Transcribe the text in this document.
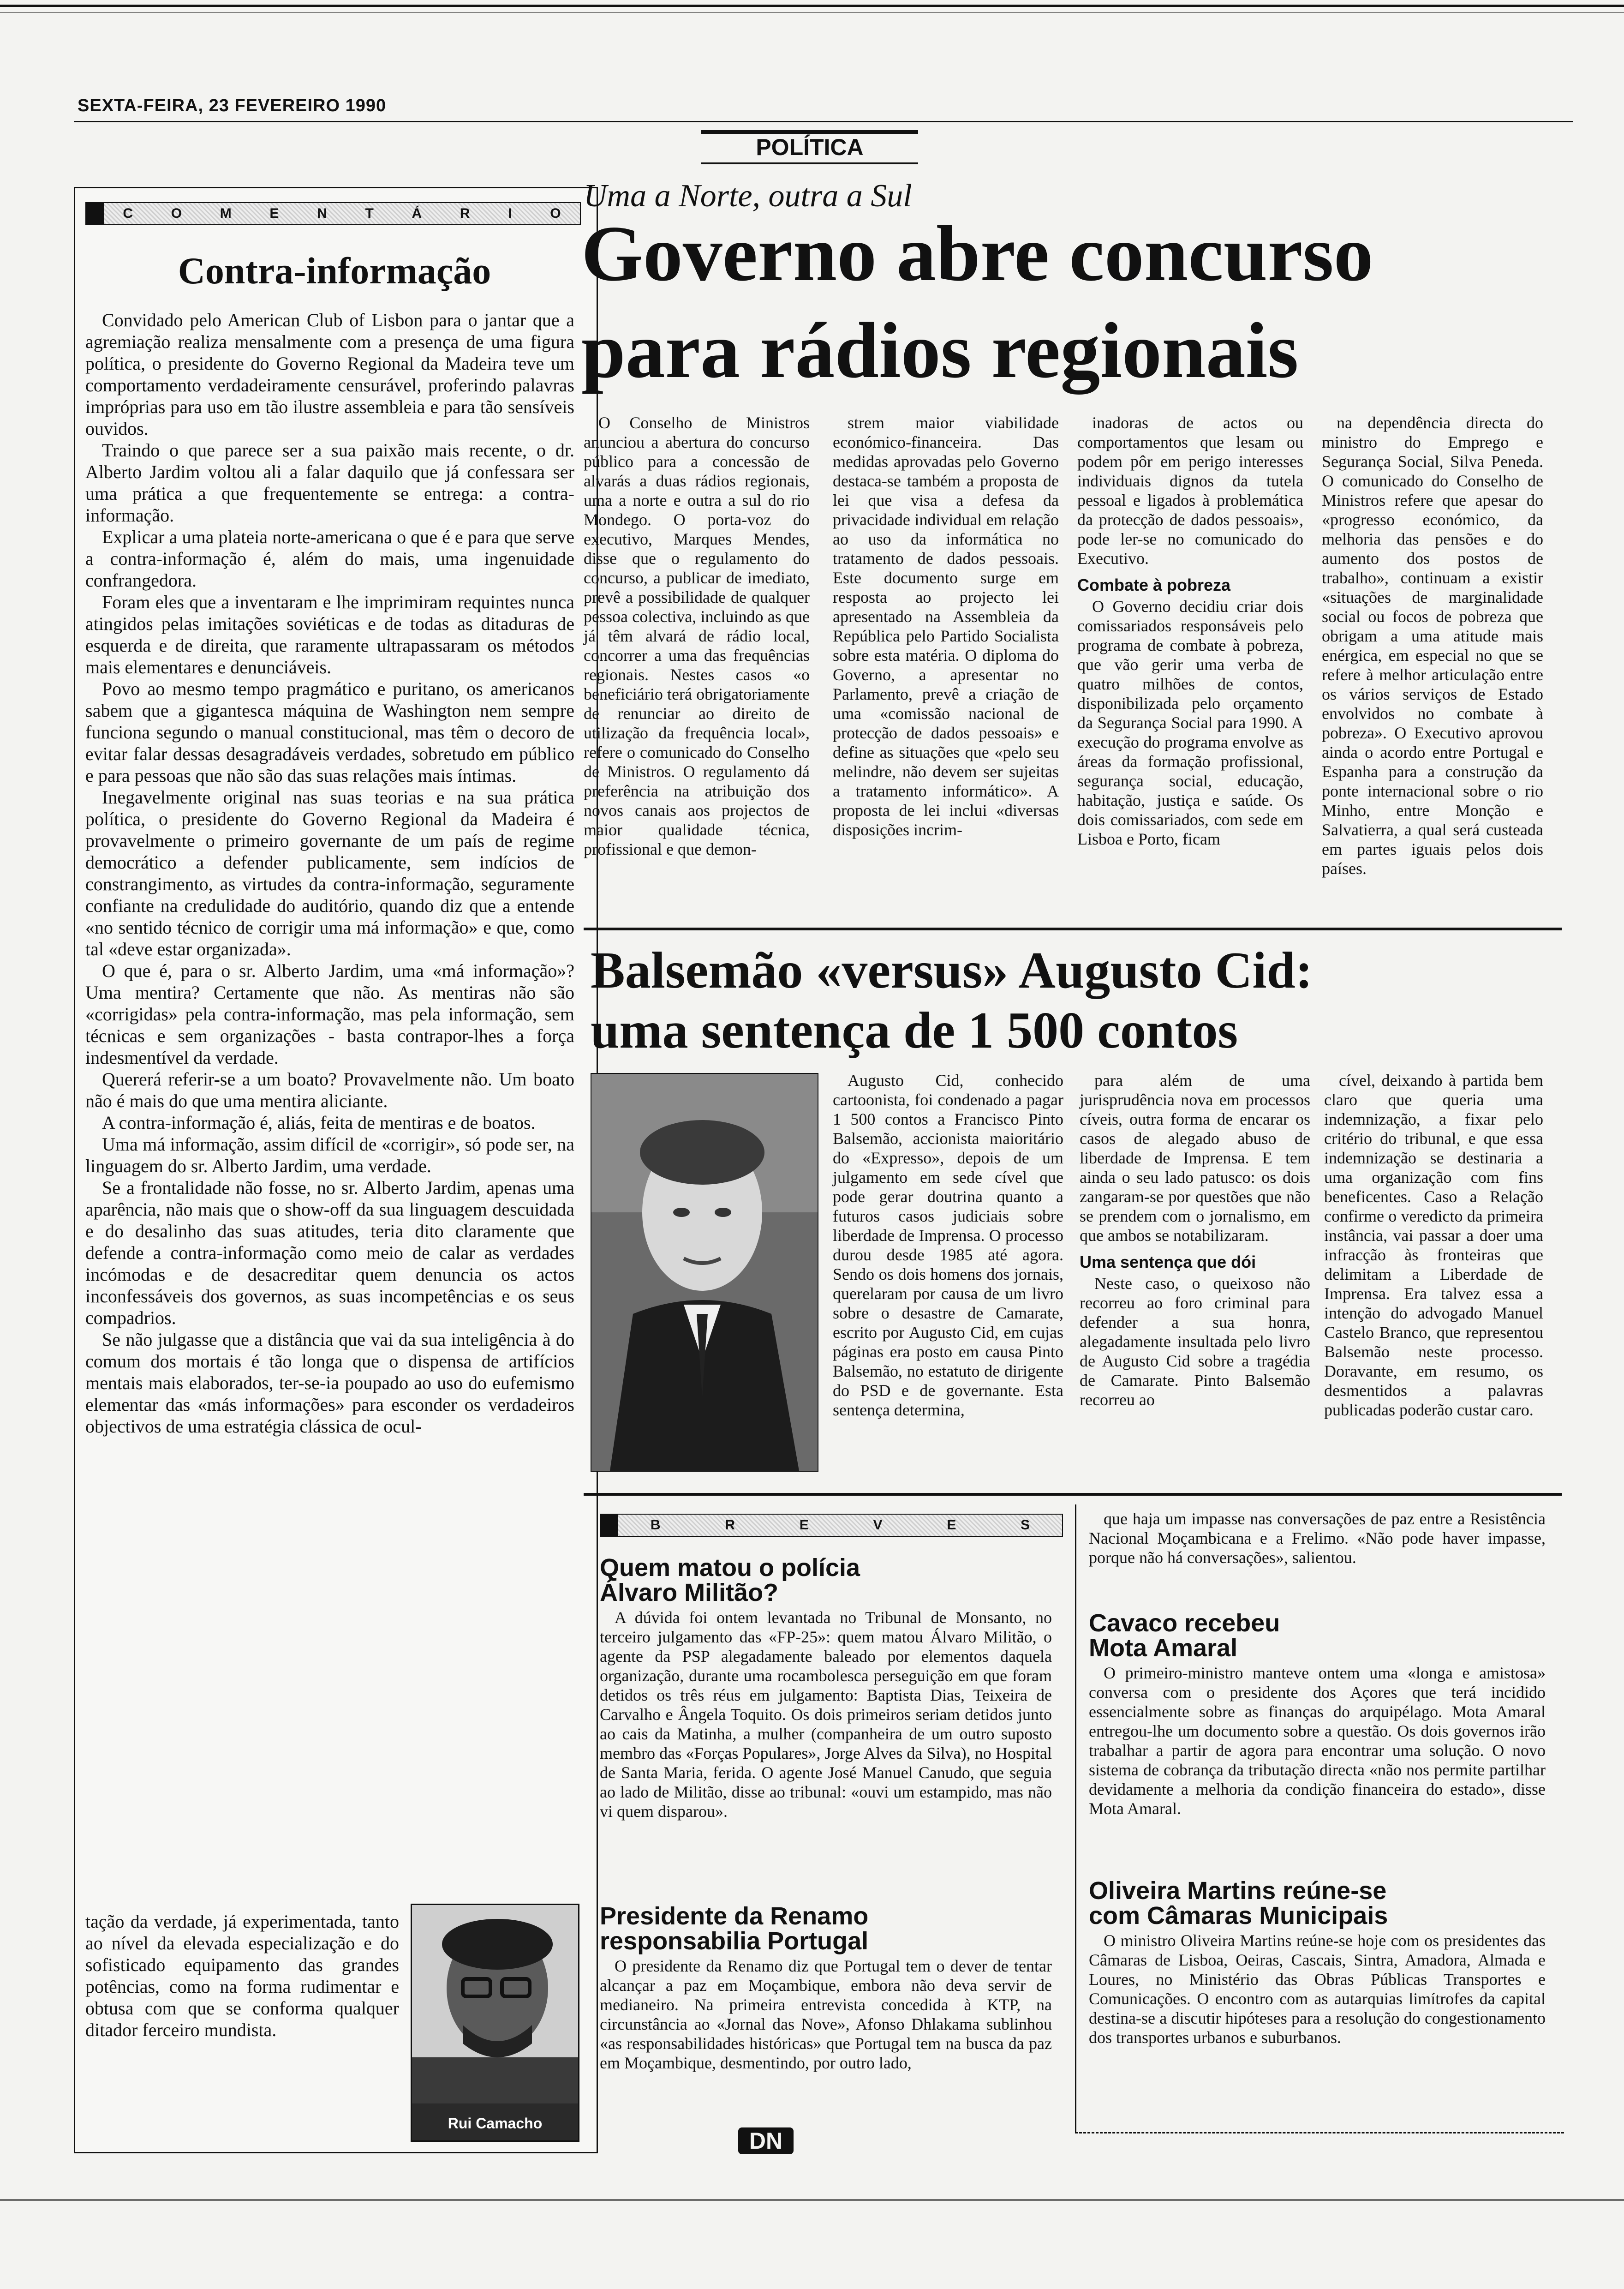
SEXTA-FEIRA, 23 FEVEREIRO 1990
POLÍTICA
C	O	M	E	N	T	Á	R	I	O
Contra-informação

Convidado pelo American Club of Lisbon para o jantar que a agremiação realiza mensalmente com a presença de uma figura política, o presidente do Governo Regional da Madeira teve um comportamento verdadeiramente censurável, proferindo palavras impróprias para uso em tão ilustre assembleia e para tão sensíveis ouvidos.

Traindo o que parece ser a sua paixão mais recente, o dr. Alberto Jardim voltou ali a falar daquilo que já confessara ser uma prática a que frequentemente se entrega: a contra-informação.

Explicar a uma plateia norte-americana o que é e para que serve a contra-informação é, além do mais, uma ingenuidade confrangedora.

Foram eles que a inventaram e lhe imprimiram requintes nunca atingidos pelas imitações soviéticas e de todas as ditaduras de esquerda e de direita, que raramente ultrapassaram os métodos mais elementares e denunciáveis.

Povo ao mesmo tempo pragmático e puritano, os americanos sabem que a gigantesca máquina de Washington nem sempre funciona segundo o manual constitucional, mas têm o decoro de evitar falar dessas desagradáveis verdades, sobretudo em público e para pessoas que não são das suas relações mais íntimas.

Inegavelmente original nas suas teorias e na sua prática política, o presidente do Governo Regional da Madeira é provavelmente o primeiro governante de um país de regime democrático a defender publicamente, sem indícios de constrangimento, as virtudes da contra-informação, seguramente confiante na credulidade do auditório, quando diz que a entende «no sentido técnico de corrigir uma má informação» e que, como tal «deve estar organizada».

O que é, para o sr. Alberto Jardim, uma «má informação»? Uma mentira? Certamente que não. As mentiras não são «corrigidas» pela contra-informação, mas pela informação, sem técnicas e sem organizações - basta contrapor-lhes a força indesmentível da verdade.

Quererá referir-se a um boato? Provavelmente não. Um boato não é mais do que uma mentira aliciante.

A contra-informação é, aliás, feita de mentiras e de boatos.

Uma má informação, assim difícil de «corrigir», só pode ser, na linguagem do sr. Alberto Jardim, uma verdade.

Se a frontalidade não fosse, no sr. Alberto Jardim, apenas uma aparência, não mais que o show-off da sua linguagem descuidada e do desalinho das suas atitudes, teria dito claramente que defende a contra-informação como meio de calar as verdades incómodas e de desacreditar quem denuncia os actos inconfessáveis dos governos, as suas incompetências e os seus compadrios.

Se não julgasse que a distância que vai da sua inteligência à do comum dos mortais é tão longa que o dispensa de artifícios mentais mais elaborados, ter-se-ia poupado ao uso do eufemismo elementar das «más informações» para esconder os verdadeiros objectivos de uma estratégia clássica de ocul-

tação da verdade, já experimentada, tanto ao nível da elevada especialização e do sofisticado equipamento das grandes potências, como na forma rudimentar e obtusa com que se conforma qualquer ditador ferceiro mundista.

Rui Camacho
Uma a Norte, outra a Sul
Governo abre concurso
para rádios regionais

O Conselho de Ministros anunciou a abertura do concurso público para a concessão de alvarás a duas rádios regionais, uma a norte e outra a sul do rio Mondego. O porta-voz do executivo, Marques Mendes, disse que o regulamento do concurso, a publicar de imediato, prevê a possibilidade de qualquer pessoa colectiva, incluindo as que já têm alvará de rádio local, concorrer a uma das frequências regionais. Nestes casos «o beneficiário terá obrigatoriamente de renunciar ao direito de utilização da frequência local», refere o comunicado do Conselho de Ministros. O regulamento dá preferência na atribuição dos novos canais aos projectos de maior qualidade técnica, profissional e que demon-

strem maior viabilidade económico-financeira. Das medidas aprovadas pelo Governo destaca-se também a proposta de lei que visa a defesa da privacidade individual em relação ao uso da informática no tratamento de dados pessoais. Este documento surge em resposta ao projecto lei apresentado na Assembleia da República pelo Partido Socialista sobre esta matéria. O diploma do Governo, a apresentar no Parlamento, prevê a criação de uma «comissão nacional de protecção de dados pessoais» e define as situações que «pelo seu melindre, não devem ser sujeitas a tratamento informático». A proposta de lei inclui «diversas disposições incrim-

inadoras de actos ou comportamentos que lesam ou podem pôr em perigo interesses individuais dignos da tutela pessoal e ligados à problemática da protecção de dados pessoais», pode ler-se no comunicado do Executivo.

Combate à pobreza

O Governo decidiu criar dois comissariados responsáveis pelo programa de combate à pobreza, que vão gerir uma verba de quatro milhões de contos, disponibilizada pelo orçamento da Segurança Social para 1990. A execução do programa envolve as áreas da formação profissional, segurança social, educação, habitação, justiça e saúde. Os dois comissariados, com sede em Lisboa e Porto, ficam

na dependência directa do ministro do Emprego e Segurança Social, Silva Peneda. O comunicado do Conselho de Ministros refere que apesar do «progresso económico, da melhoria das pensões e do aumento dos postos de trabalho», continuam a existir «situações de marginalidade social ou focos de pobreza que obrigam a uma atitude mais enérgica, em especial no que se refere à melhor articulação entre os vários serviços de Estado envolvidos no combate à pobreza». O Executivo aprovou ainda o acordo entre Portugal e Espanha para a construção da ponte internacional sobre o rio Minho, entre Monção e Salvatierra, a qual será custeada em partes iguais pelos dois países.

Balsemão «versus» Augusto Cid:
uma sentença de 1 500 contos

Augusto Cid, conhecido cartoonista, foi condenado a pagar 1 500 contos a Francisco Pinto Balsemão, accionista maioritário do «Expresso», depois de um julgamento em sede cível que pode gerar doutrina quanto a futuros casos judiciais sobre liberdade de Imprensa. O processo durou desde 1985 até agora. Sendo os dois homens dos jornais, querelaram por causa de um livro sobre o desastre de Camarate, escrito por Augusto Cid, em cujas páginas era posto em causa Pinto Balsemão, no estatuto de dirigente do PSD e de governante. Esta sentença determina,

para além de uma jurisprudência nova em processos cíveis, outra forma de encarar os casos de alegado abuso de liberdade de Imprensa. E tem ainda o seu lado patusco: os dois zangaram-se por questões que não se prendem com o jornalismo, em que ambos se notabilizaram.

Uma sentença que dói

Neste caso, o queixoso não recorreu ao foro criminal para defender a sua honra, alegadamente insultada pelo livro de Augusto Cid sobre a tragédia de Camarate. Pinto Balsemão recorreu ao

cível, deixando à partida bem claro que queria uma indemnização, a fixar pelo critério do tribunal, e que essa indemnização se destinaria a uma organização com fins beneficentes. Caso a Relação confirme o veredicto da primeira instância, vai passar a doer uma infracção às fronteiras que delimitam a Liberdade de Imprensa. Era talvez essa a intenção do advogado Manuel Castelo Branco, que representou Balsemão neste processo. Doravante, em resumo, os desmentidos a palavras publicadas poderão custar caro.

B	R	E	V	E	S
Quem matou o polícia
Álvaro Militão?

A dúvida foi ontem levantada no Tribunal de Monsanto, no terceiro julgamento das «FP-25»: quem matou Álvaro Militão, o agente da PSP alegadamente baleado por elementos daquela organização, durante uma rocambolesca perseguição em que foram detidos os três réus em julgamento: Baptista Dias, Teixeira de Carvalho e Ângela Toquito. Os dois primeiros seriam detidos junto ao cais da Matinha, a mulher (companheira de um outro suposto membro das «Forças Populares», Jorge Alves da Silva), no Hospital de Santa Maria, ferida. O agente José Manuel Canudo, que seguia ao lado de Militão, disse ao tribunal: «ouvi um estampido, mas não vi quem disparou».

Presidente da Renamo
responsabilia Portugal

O presidente da Renamo diz que Portugal tem o dever de tentar alcançar a paz em Moçambique, embora não deva servir de medianeiro. Na primeira entrevista concedida à KTP, na circunstância ao «Jornal das Nove», Afonso Dhlakama sublinhou «as responsabilidades históricas» que Portugal tem na busca da paz em Moçambique, desmentindo, por outro lado,

que haja um impasse nas conversações de paz entre a Resistência Nacional Moçambicana e a Frelimo. «Não pode haver impasse, porque não há conversações», salientou.

Cavaco recebeu
Mota Amaral

O primeiro-ministro manteve ontem uma «longa e amistosa» conversa com o presidente dos Açores que terá incidido essencialmente sobre as finanças do arquipélago. Mota Amaral entregou-lhe um documento sobre a questão. Os dois governos irão trabalhar a partir de agora para encontrar uma solução. O novo sistema de cobrança da tributação directa «não nos permite partilhar devidamente a melhoria da condição financeira do estado», disse Mota Amaral.

Oliveira Martins reúne-se
com Câmaras Municipais

O ministro Oliveira Martins reúne-se hoje com os presidentes das Câmaras de Lisboa, Oeiras, Cascais, Sintra, Amadora, Almada e Loures, no Ministério das Obras Públicas Transportes e Comunicações. O encontro com as autarquias limítrofes da capital destina-se a discutir hipóteses para a resolução do congestionamento dos transportes urbanos e suburbanos.

DN
